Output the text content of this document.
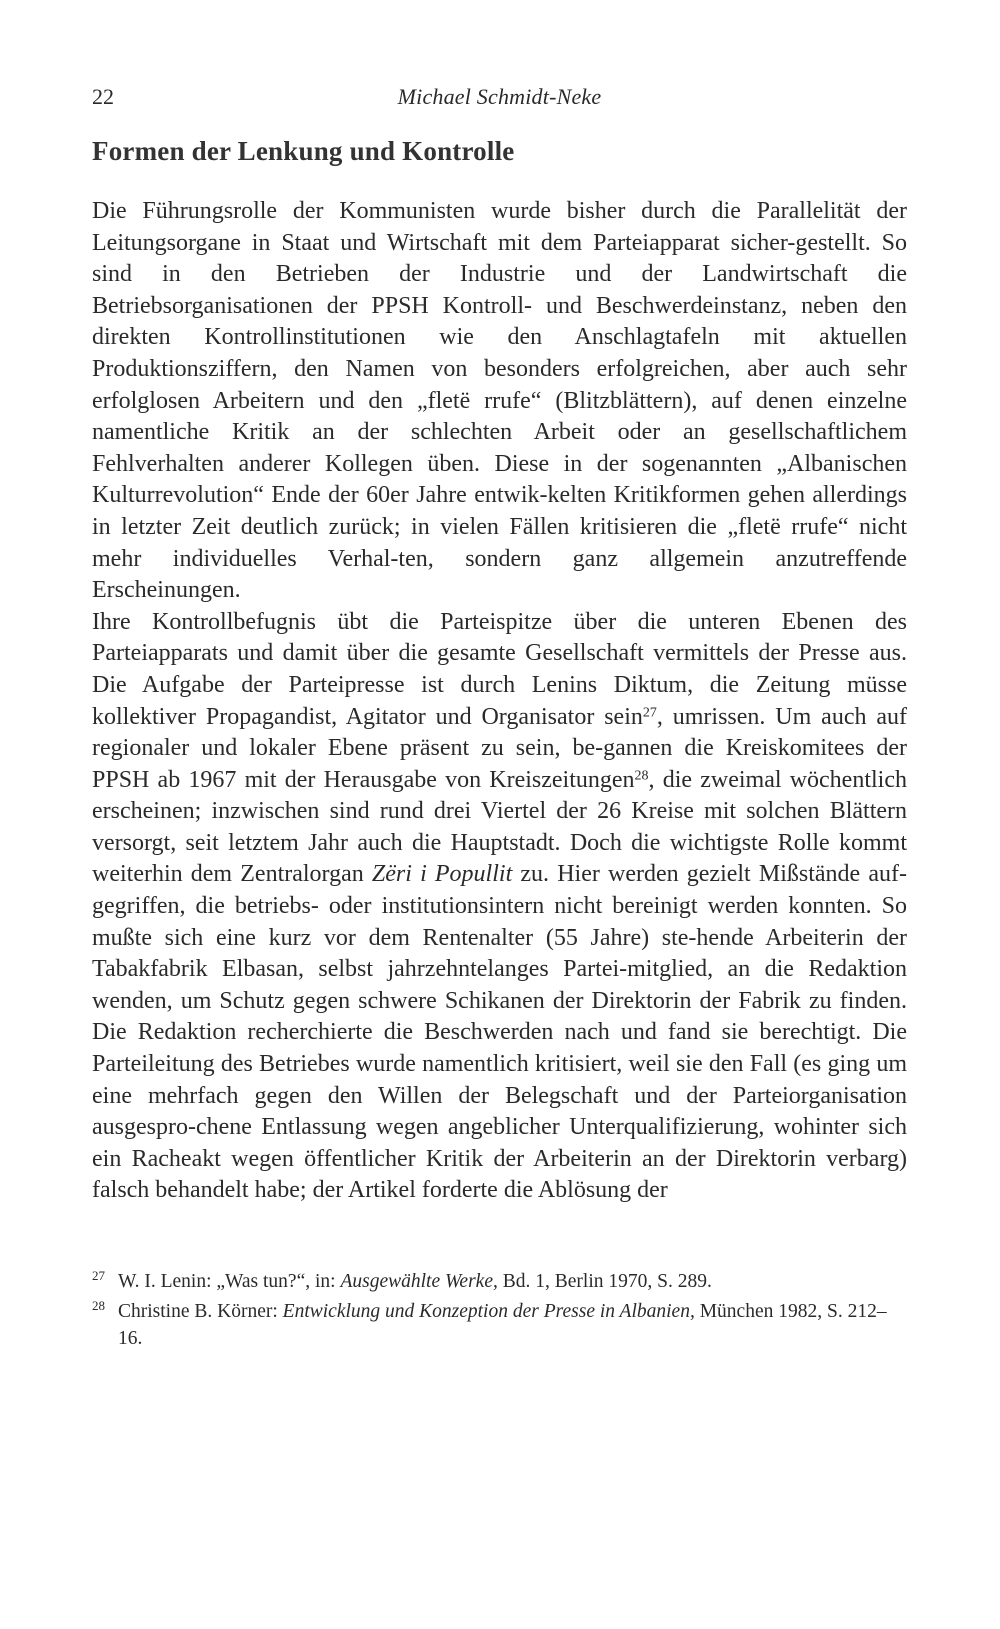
22	Michael Schmidt-Neke
Formen der Lenkung und Kontrolle

Die Führungsrolle der Kommunisten wurde bisher durch die Parallelität der Leitungsorgane in Staat und Wirtschaft mit dem Parteiapparat sicher-gestellt. So sind in den Betrieben der Industrie und der Landwirtschaft die Betriebsorganisationen der PPSH Kontroll- und Beschwerdeinstanz, neben den direkten Kontrollinstitutionen wie den Anschlagtafeln mit aktuellen Produktionsziffern, den Namen von besonders erfolgreichen, aber auch sehr erfolglosen Arbeitern und den „fletë rrufe“ (Blitzblättern), auf denen einzelne namentliche Kritik an der schlechten Arbeit oder an gesellschaftlichem Fehlverhalten anderer Kollegen üben. Diese in der sogenannten „Albanischen Kulturrevolution“ Ende der 60er Jahre entwik-kelten Kritikformen gehen allerdings in letzter Zeit deutlich zurück; in vielen Fällen kritisieren die „fletë rrufe“ nicht mehr individuelles Verhal-ten, sondern ganz allgemein anzutreffende Erscheinungen.

Ihre Kontrollbefugnis übt die Parteispitze über die unteren Ebenen des Parteiapparats und damit über die gesamte Gesellschaft vermittels der Presse aus. Die Aufgabe der Parteipresse ist durch Lenins Diktum, die Zeitung müsse kollektiver Propagandist, Agitator und Organisator sein$^{27}$, umrissen. Um auch auf regionaler und lokaler Ebene präsent zu sein, be-gannen die Kreiskomitees der PPSH ab 1967 mit der Herausgabe von Kreiszeitungen$^{28}$, die zweimal wöchentlich erscheinen; inzwischen sind rund drei Viertel der 26 Kreise mit solchen Blättern versorgt, seit letztem Jahr auch die Hauptstadt. Doch die wichtigste Rolle kommt weiterhin dem Zentralorgan Zëri i Popullit zu. Hier werden gezielt Mißstände auf-gegriffen, die betriebs- oder institutionsintern nicht bereinigt werden konnten. So mußte sich eine kurz vor dem Rentenalter (55 Jahre) ste-hende Arbeiterin der Tabakfabrik Elbasan, selbst jahrzehntelanges Partei-mitglied, an die Redaktion wenden, um Schutz gegen schwere Schikanen der Direktorin der Fabrik zu finden. Die Redaktion recherchierte die Beschwerden nach und fand sie berechtigt. Die Parteileitung des Betriebes wurde namentlich kritisiert, weil sie den Fall (es ging um eine mehrfach gegen den Willen der Belegschaft und der Parteiorganisation ausgespro-chene Entlassung wegen angeblicher Unterqualifizierung, wohinter sich ein Racheakt wegen öffentlicher Kritik der Arbeiterin an der Direktorin verbarg) falsch behandelt habe; der Artikel forderte die Ablösung der

27 W. I. Lenin: „Was tun?“, in: Ausgewählte Werke, Bd. 1, Berlin 1970, S. 289.
28 Christine B. Körner: Entwicklung und Konzeption der Presse in Albanien, München 1982, S. 212–16.
